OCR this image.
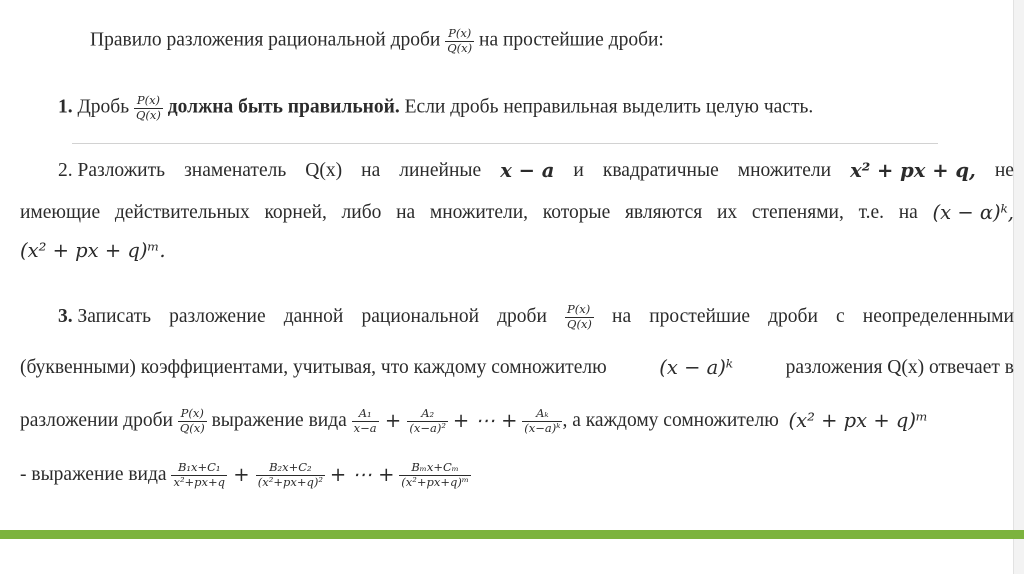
Правило разложения рациональной дроби $\frac{P(x)}{Q(x)}$ на простейшие дроби:
1. Дробь $\frac{P(x)}{Q(x)}$ должна быть правильной. Если дробь неправильная выделить целую часть.
2. Разложить знаменатель Q(x) на линейные x − a и квадратичные множители x² + px + q, не
имеющие действительных корней, либо на множители, которые являются их степенями, т.е. на (x − α)ᵏ,
(x² + px + q)ᵐ.
3. Записать разложение данной рациональной дроби $\frac{P(x)}{Q(x)}$ на простейшие дроби с неопределенными
(буквенными) коэффициентами, учитывая, что каждому сомножителю	(x − a)ᵏ	разложения Q(x) отвечает в
разложении дроби
$\frac{P(x)}{Q(x)}$
выражение вида
$\frac{\text{A₁}}{x-a} + \frac{\text{A₂}}{\text{(x−a)²}}$
+ ⋯ +
$\frac{\text{Aₖ}}{\text{(x−a)ᵏ}}$ , а каждому сомножителю
(x² + px + q)ᵐ
- выражение вида
$\frac{\text{B₁x+C₁}}{\text{x²+px+q}} + \frac{\text{B₂x+C₂}}{\text{(x²+px+q)²}}$
+ ⋯ +
$\frac{\text{Bₘx+Cₘ}}{\text{(x²+px+q)ᵐ}}$
